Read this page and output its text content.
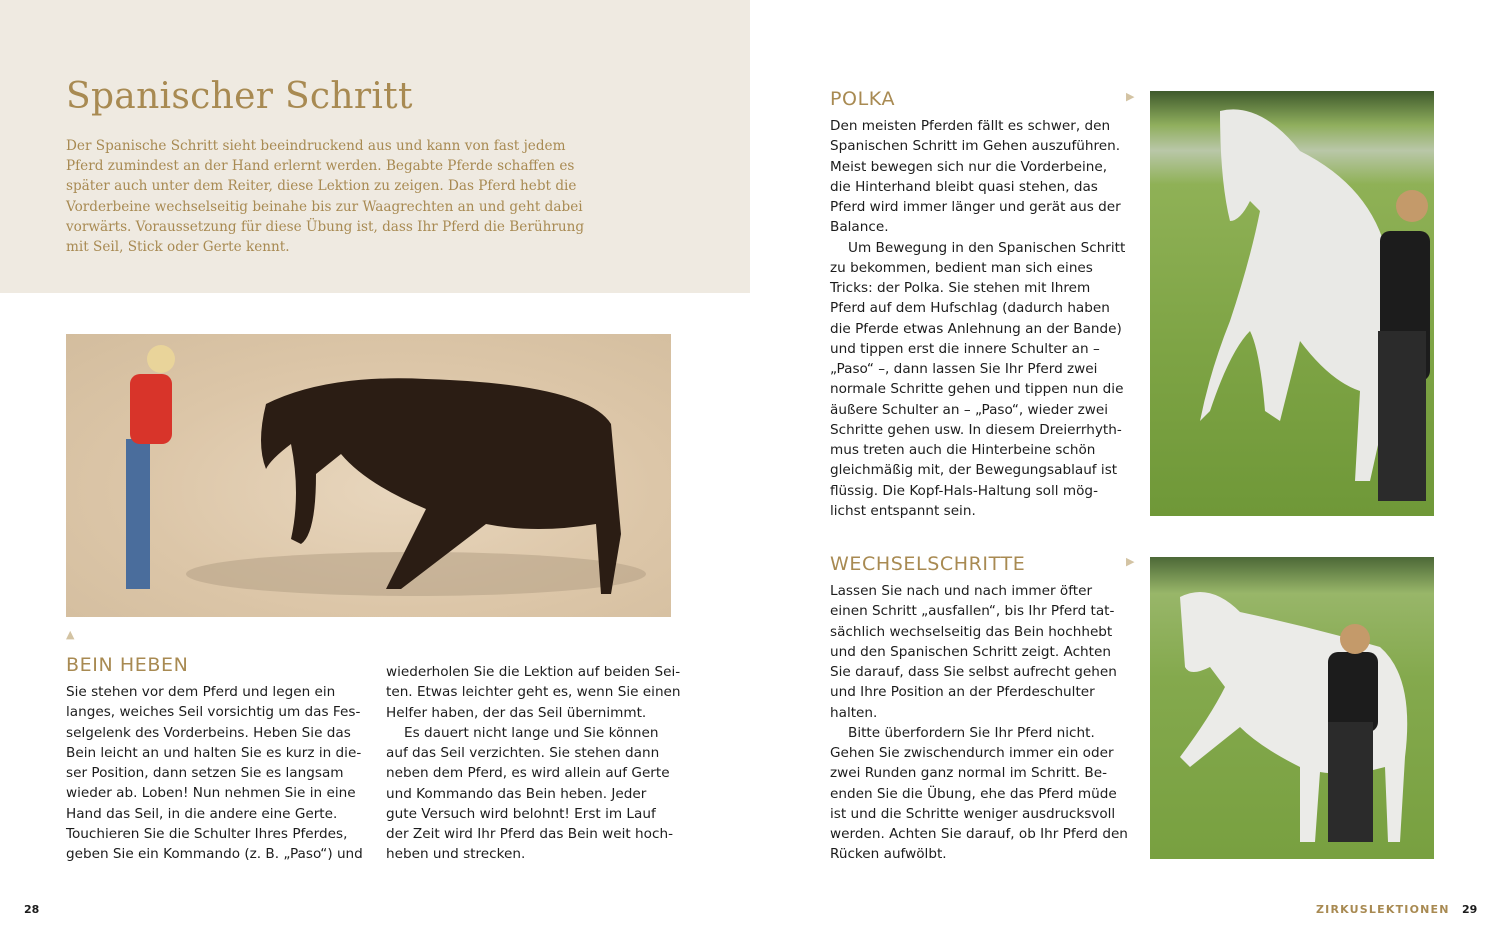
Spanischer Schritt
Der Spanische Schritt sieht beeindruckend aus und kann von fast jedem
Pferd zumindest an der Hand erlernt werden. Begabte Pferde schaffen es
später auch unter dem Reiter, diese Lektion zu zeigen. Das Pferd hebt die
Vorderbeine wechselseitig beinahe bis zur Waagrechten an und geht dabei
vorwärts. Voraussetzung für diese Übung ist, dass Ihr Pferd die Berührung
mit Seil, Stick oder Gerte kennt.
▲
BEIN HEBEN
Sie stehen vor dem Pferd und legen ein
langes, weiches Seil vorsichtig um das Fes-
selgelenk des Vorderbeins. Heben Sie das
Bein leicht an und halten Sie es kurz in die-
ser Position, dann setzen Sie es langsam
wieder ab. Loben! Nun nehmen Sie in eine
Hand das Seil, in die andere eine Gerte.
Touchieren Sie die Schulter Ihres Pferdes,
geben Sie ein Kommando (z. B. „Paso“) und
wiederholen Sie die Lektion auf beiden Sei-
ten. Etwas leichter geht es, wenn Sie einen
Helfer haben, der das Seil übernimmt.
Es dauert nicht lange und Sie können
auf das Seil verzichten. Sie stehen dann
neben dem Pferd, es wird allein auf Gerte
und Kommando das Bein heben. Jeder
gute Versuch wird belohnt! Erst im Lauf
der Zeit wird Ihr Pferd das Bein weit hoch-
heben und strecken.
POLKA	▶
Den meisten Pferden fällt es schwer, den
Spanischen Schritt im Gehen auszuführen.
Meist bewegen sich nur die Vorderbeine,
die Hinterhand bleibt quasi stehen, das
Pferd wird immer länger und gerät aus der
Balance.
Um Bewegung in den Spanischen Schritt
zu bekommen, bedient man sich eines
Tricks: der Polka. Sie stehen mit Ihrem
Pferd auf dem Hufschlag (dadurch haben
die Pferde etwas Anlehnung an der Bande)
und tippen erst die innere Schulter an –
„Paso“ –, dann lassen Sie Ihr Pferd zwei
normale Schritte gehen und tippen nun die
äußere Schulter an – „Paso“, wieder zwei
Schritte gehen usw. In diesem Dreierrhyth-
mus treten auch die Hinterbeine schön
gleichmäßig mit, der Bewegungsablauf ist
flüssig. Die Kopf-Hals-Haltung soll mög-
lichst entspannt sein.
WECHSELSCHRITTE	▶
Lassen Sie nach und nach immer öfter
einen Schritt „ausfallen“, bis Ihr Pferd tat-
sächlich wechselseitig das Bein hochhebt
und den Spanischen Schritt zeigt. Achten
Sie darauf, dass Sie selbst aufrecht gehen
und Ihre Position an der Pferdeschulter
halten.
Bitte überfordern Sie Ihr Pferd nicht.
Gehen Sie zwischendurch immer ein oder
zwei Runden ganz normal im Schritt. Be-
enden Sie die Übung, ehe das Pferd müde
ist und die Schritte weniger ausdrucksvoll
werden. Achten Sie darauf, ob Ihr Pferd den
Rücken aufwölbt.
28	ZIRKUSLEKTIONEN 29
